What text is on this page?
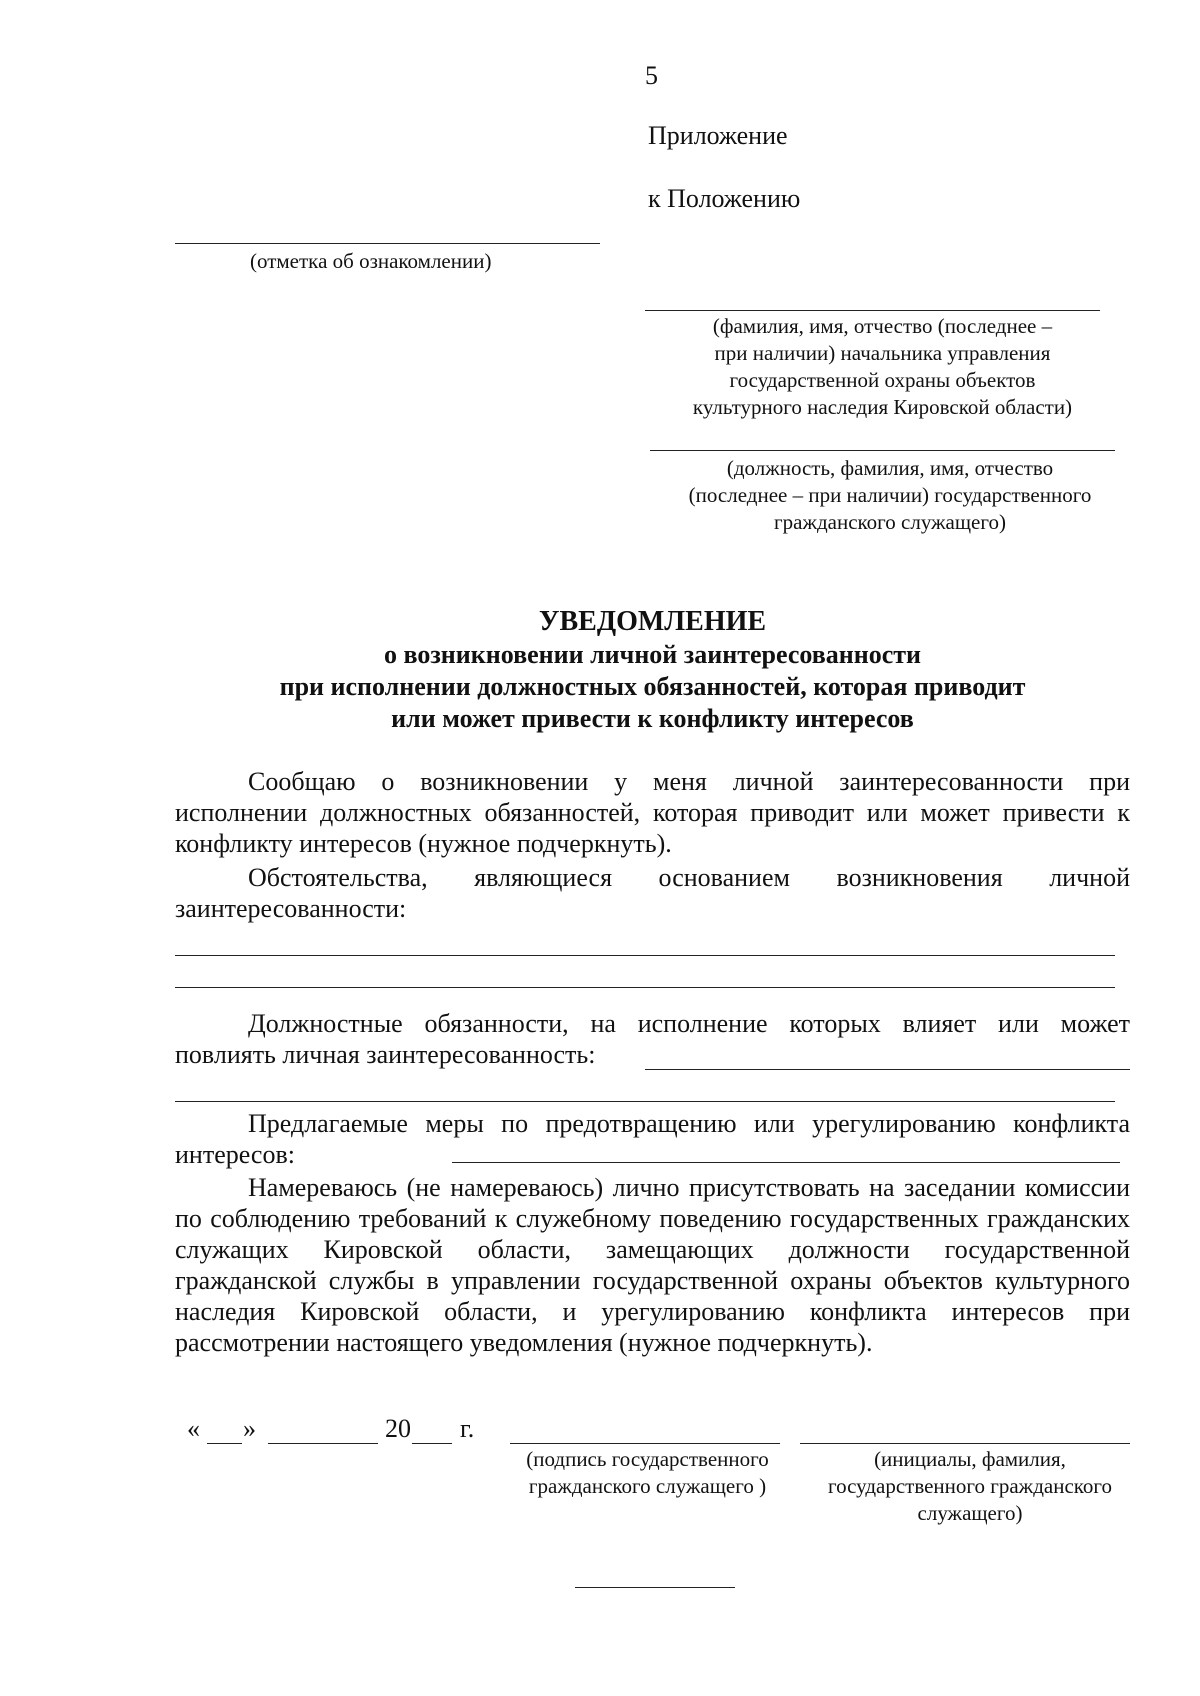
5
Приложение
к Положению
(отметка об ознакомлении)
(фамилия, имя, отчество (последнее –
при наличии) начальника управления
государственной охраны объектов
культурного наследия Кировской области)
(должность, фамилия, имя, отчество
(последнее – при наличии) государственного
гражданского служащего)
УВЕДОМЛЕНИЕ
о возникновении личной заинтересованности
при исполнении должностных обязанностей, которая приводит
или может привести к конфликту интересов

Сообщаю о возникновении у меня личной заинтересованности при исполнении должностных обязанностей, которая приводит или может привести к конфликту интересов (нужное подчеркнуть).

Обстоятельства, являющиеся основанием возникновения личной заинтересованности:

Должностные обязанности, на исполнение которых влияет или может повлиять личная заинтересованность:

Предлагаемые меры по предотвращению или урегулированию конфликта интересов:

Намереваюсь (не намереваюсь) лично присутствовать на заседании комиссии по соблюдению требований к служебному поведению государственных гражданских служащих Кировской области, замещающих должности государственной гражданской службы в управлении государственной охраны объектов культурного наследия Кировской области, и урегулированию конфликта интересов при рассмотрении настоящего уведомления (нужное подчеркнуть).

« »	20 г.
(подпись государственного
гражданского служащего )
(инициалы, фамилия,
государственного гражданского
служащего)
